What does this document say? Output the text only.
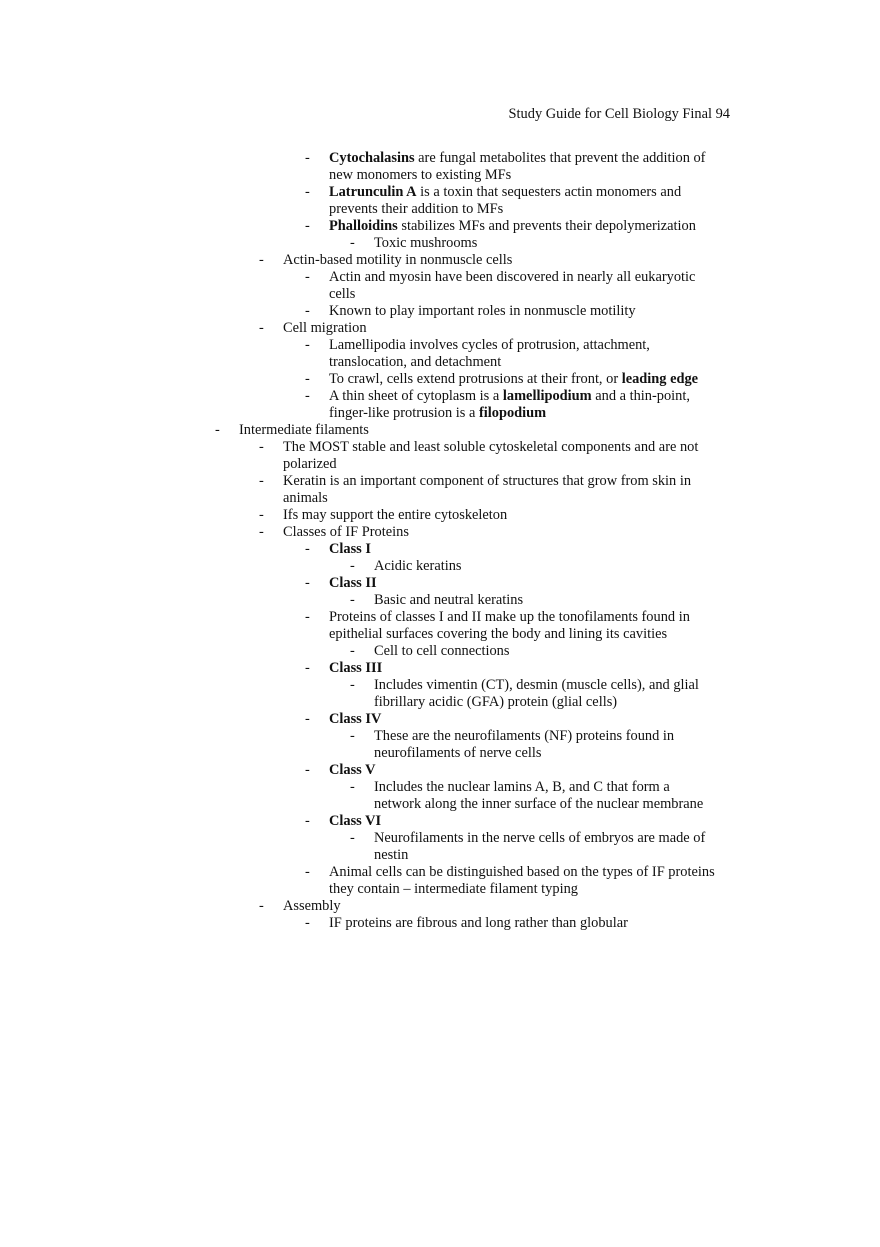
Study Guide for Cell Biology Final 94
-	Cytochalasins are fungal metabolites that prevent the addition of
new monomers to existing MFs
-	Latrunculin A is a toxin that sequesters actin monomers and
prevents their addition to MFs
-	Phalloidins stabilizes MFs and prevents their depolymerization
-	Toxic mushrooms
-	Actin-based motility in nonmuscle cells
-	Actin and myosin have been discovered in nearly all eukaryotic
cells
-	Known to play important roles in nonmuscle motility
-	Cell migration
-	Lamellipodia involves cycles of protrusion, attachment,
translocation, and detachment
-	To crawl, cells extend protrusions at their front, or leading edge
-	A thin sheet of cytoplasm is a lamellipodium and a thin-point,
finger-like protrusion is a filopodium
-	Intermediate filaments
-	The MOST stable and least soluble cytoskeletal components and are not
polarized
-	Keratin is an important component of structures that grow from skin in
animals
-	Ifs may support the entire cytoskeleton
-	Classes of IF Proteins
-	Class I
-	Acidic keratins
-	Class II
-	Basic and neutral keratins
-	Proteins of classes I and II make up the tonofilaments found in
epithelial surfaces covering the body and lining its cavities
-	Cell to cell connections
-	Class III
-	Includes vimentin (CT), desmin (muscle cells), and glial
fibrillary acidic (GFA) protein (glial cells)
-	Class IV
-	These are the neurofilaments (NF) proteins found in
neurofilaments of nerve cells
-	Class V
-	Includes the nuclear lamins A, B, and C that form a
network along the inner surface of the nuclear membrane
-	Class VI
-	Neurofilaments in the nerve cells of embryos are made of
nestin
-	Animal cells can be distinguished based on the types of IF proteins
they contain – intermediate filament typing
-	Assembly
-	IF proteins are fibrous and long rather than globular
